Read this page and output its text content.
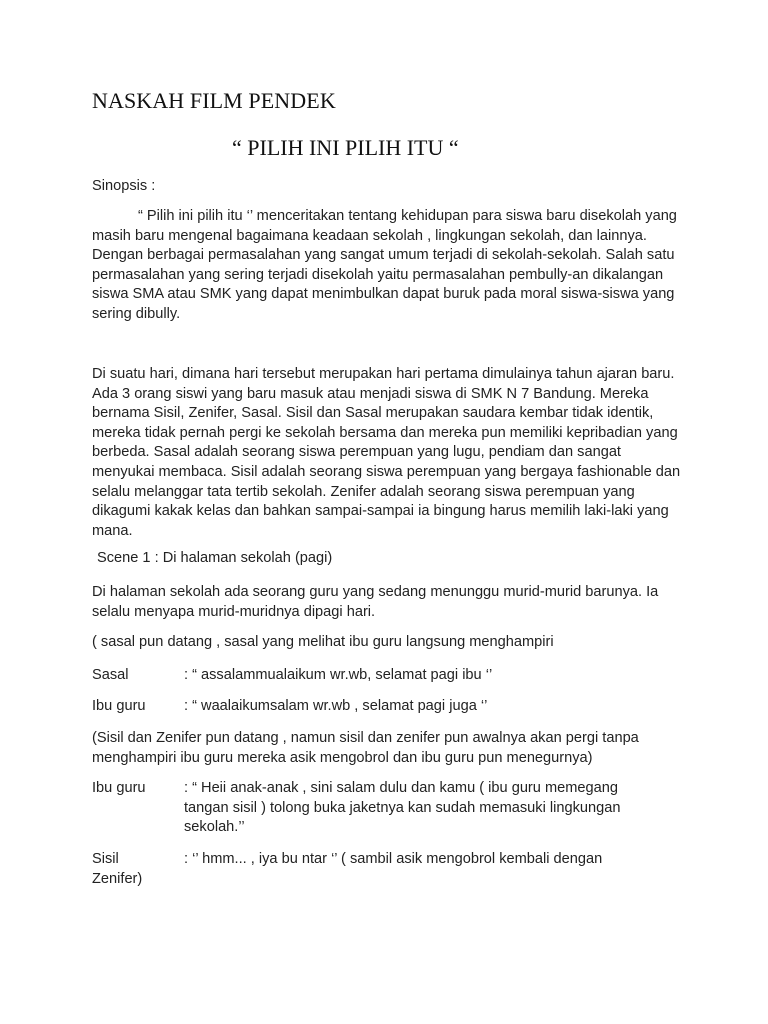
NASKAH FILM PENDEK
“ PILIH INI PILIH ITU “
Sinopsis :
“ Pilih ini pilih itu ‘’ menceritakan tentang kehidupan para siswa baru disekolah yang masih baru mengenal bagaimana keadaan sekolah , lingkungan sekolah, dan lainnya. Dengan berbagai permasalahan yang sangat umum terjadi di sekolah-sekolah. Salah satu permasalahan yang sering terjadi disekolah yaitu permasalahan pembully-an dikalangan siswa SMA atau SMK yang dapat menimbulkan dapat buruk pada moral siswa-siswa yang sering dibully.
Di suatu hari, dimana hari tersebut merupakan hari pertama dimulainya tahun ajaran baru. Ada 3 orang siswi yang baru masuk atau menjadi siswa di SMK N 7 Bandung. Mereka bernama Sisil, Zenifer, Sasal. Sisil dan Sasal merupakan saudara kembar tidak identik, mereka tidak pernah pergi ke sekolah bersama dan mereka pun memiliki kepribadian yang berbeda. Sasal adalah seorang siswa perempuan yang lugu, pendiam dan sangat menyukai membaca. Sisil adalah seorang siswa perempuan yang bergaya fashionable dan selalu melanggar tata tertib sekolah. Zenifer adalah seorang siswa perempuan yang dikagumi kakak kelas dan bahkan sampai-sampai ia bingung harus memilih laki-laki yang mana.
Scene 1 : Di halaman sekolah (pagi)
Di halaman sekolah ada seorang guru yang sedang menunggu murid-murid barunya. Ia selalu menyapa murid-muridnya dipagi hari.
( sasal pun datang , sasal yang melihat ibu guru langsung menghampiri
Sasal	: “ assalammualaikum wr.wb, selamat pagi ibu ‘’
Ibu guru	: “ waalaikumsalam wr.wb , selamat pagi juga ‘’
(Sisil dan Zenifer pun datang , namun sisil dan zenifer pun awalnya akan pergi tanpa menghampiri ibu guru mereka asik mengobrol dan ibu guru pun menegurnya)
Ibu guru	: “ Heii anak-anak , sini salam dulu dan kamu ( ibu guru memegang tangan sisil ) tolong buka jaketnya kan sudah memasuki lingkungan sekolah.’’
Sisil	: ‘’ hmm... , iya bu ntar ‘’ ( sambil asik mengobrol kembali dengan
Zenifer)
